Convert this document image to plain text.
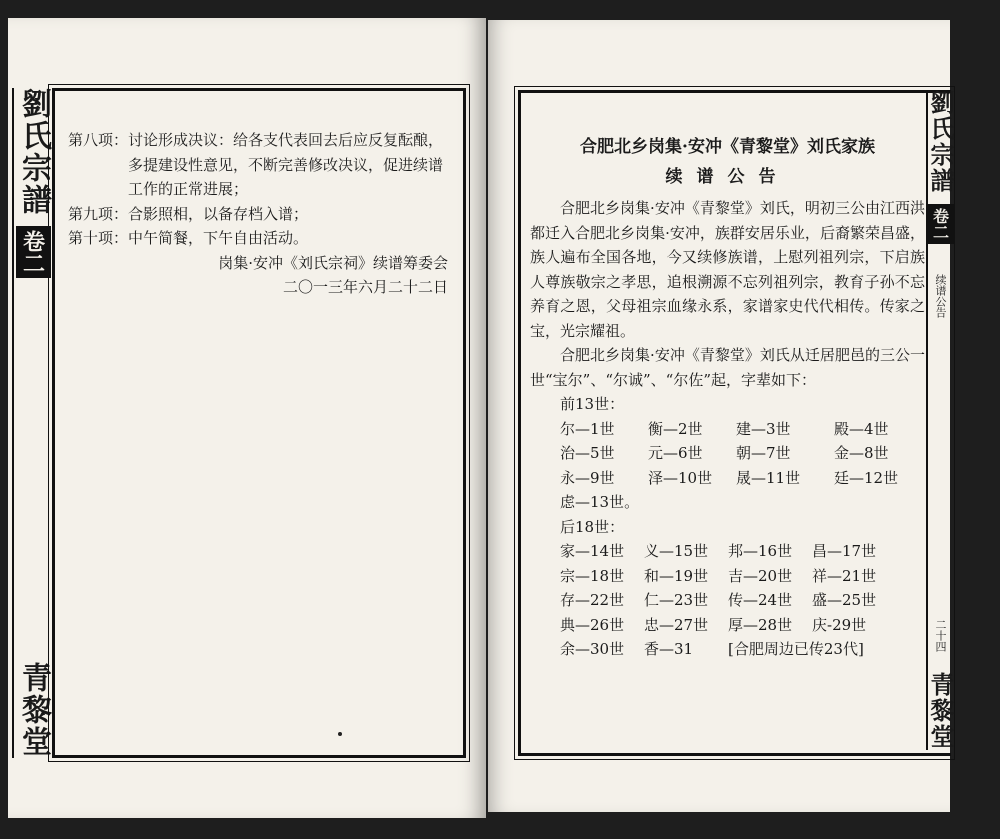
劉氏宗譜
卷二
青黎堂
第八项： 讨论形成决议：给各支代表回去后应反复酝酿，多提建设性意见，不断完善修改决议，促进续谱工作的正常进展；
第九项： 合影照相，以备存档入谱；
第十项： 中午简餐，下午自由活动。
岗集·安冲《刘氏宗祠》续谱筹委会
二〇一三年六月二十二日
合肥北乡岗集·安冲《青黎堂》刘氏家族
续谱公告
合肥北乡岗集·安冲《青黎堂》刘氏，明初三公由江西洪都迁入合肥北乡岗集·安冲，族群安居乐业，后裔繁荣昌盛，族人遍布全国各地，今又续修族谱，上慰列祖列宗，下启族人尊族敬宗之孝思，追根溯源不忘列祖列宗，教育子孙不忘养育之恩，父母祖宗血缘永系，家谱家史代代相传。传家之宝，光宗耀祖。
合肥北乡岗集·安冲《青黎堂》刘氏从迁居肥邑的三公一世“宝尔”、“尔诚”、“尔佐”起，字辈如下：
前13世：
尔—1世	衡—2世	建—3世	殿—4世
治—5世	元—6世	朝—7世	金—8世
永—9世	泽—10世	晟—11世	廷—12世
虑—13世。
后18世：
家—14世	义—15世	邦—16世	昌—17世
宗—18世	和—19世	吉—20世	祥—21世
存—22世	仁—23世	传—24世	盛—25世
典—26世	忠—27世	厚—28世	庆-29世
余—30世	香—31	[合肥周边已传23代]
劉氏宗譜
卷二
续谱公告
二十四
青黎堂
